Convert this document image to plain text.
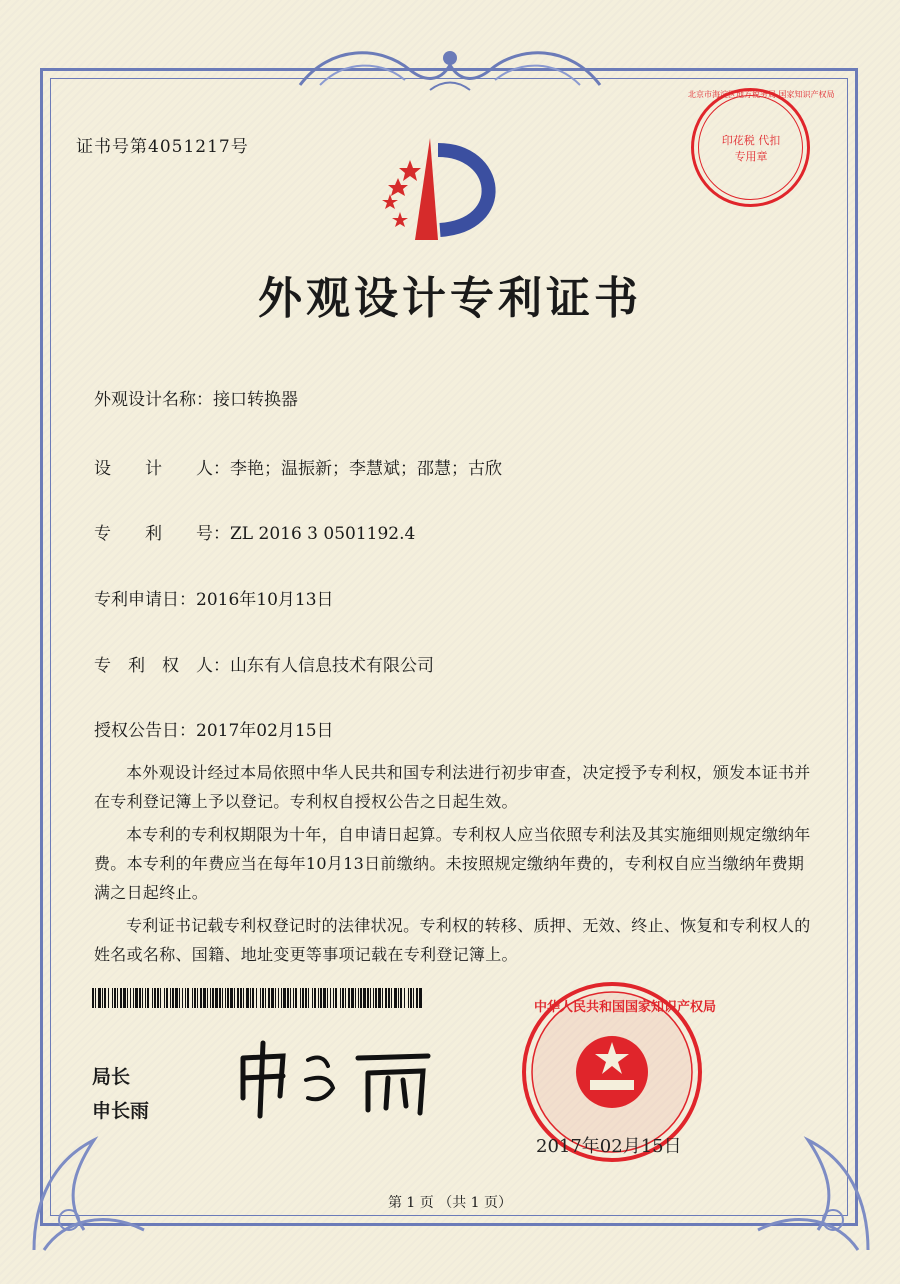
证书号第4051217号
北京市海淀区地方税务局 国家知识产权局
印花税 代扣专用章
外观设计专利证书
外观设计名称：接口转换器
设　　计　　人：李艳；温振新；李慧斌；邵慧；古欣
专　　利　　号：ZL 2016 3 0501192.4
专利申请日：2016年10月13日
专　利　权　人：山东有人信息技术有限公司
授权公告日：2017年02月15日

本外观设计经过本局依照中华人民共和国专利法进行初步审查，决定授予专利权，颁发本证书并在专利登记簿上予以登记。专利权自授权公告之日起生效。

本专利的专利权期限为十年，自申请日起算。专利权人应当依照专利法及其实施细则规定缴纳年费。本专利的年费应当在每年10月13日前缴纳。未按照规定缴纳年费的，专利权自应当缴纳年费期满之日起终止。

专利证书记载专利权登记时的法律状况。专利权的转移、质押、无效、终止、恢复和专利权人的姓名或名称、国籍、地址变更等事项记载在专利登记簿上。

局长
申长雨
中华人民共和国国家知识产权局
2017年02月15日
第 1 页 （共 1 页）
